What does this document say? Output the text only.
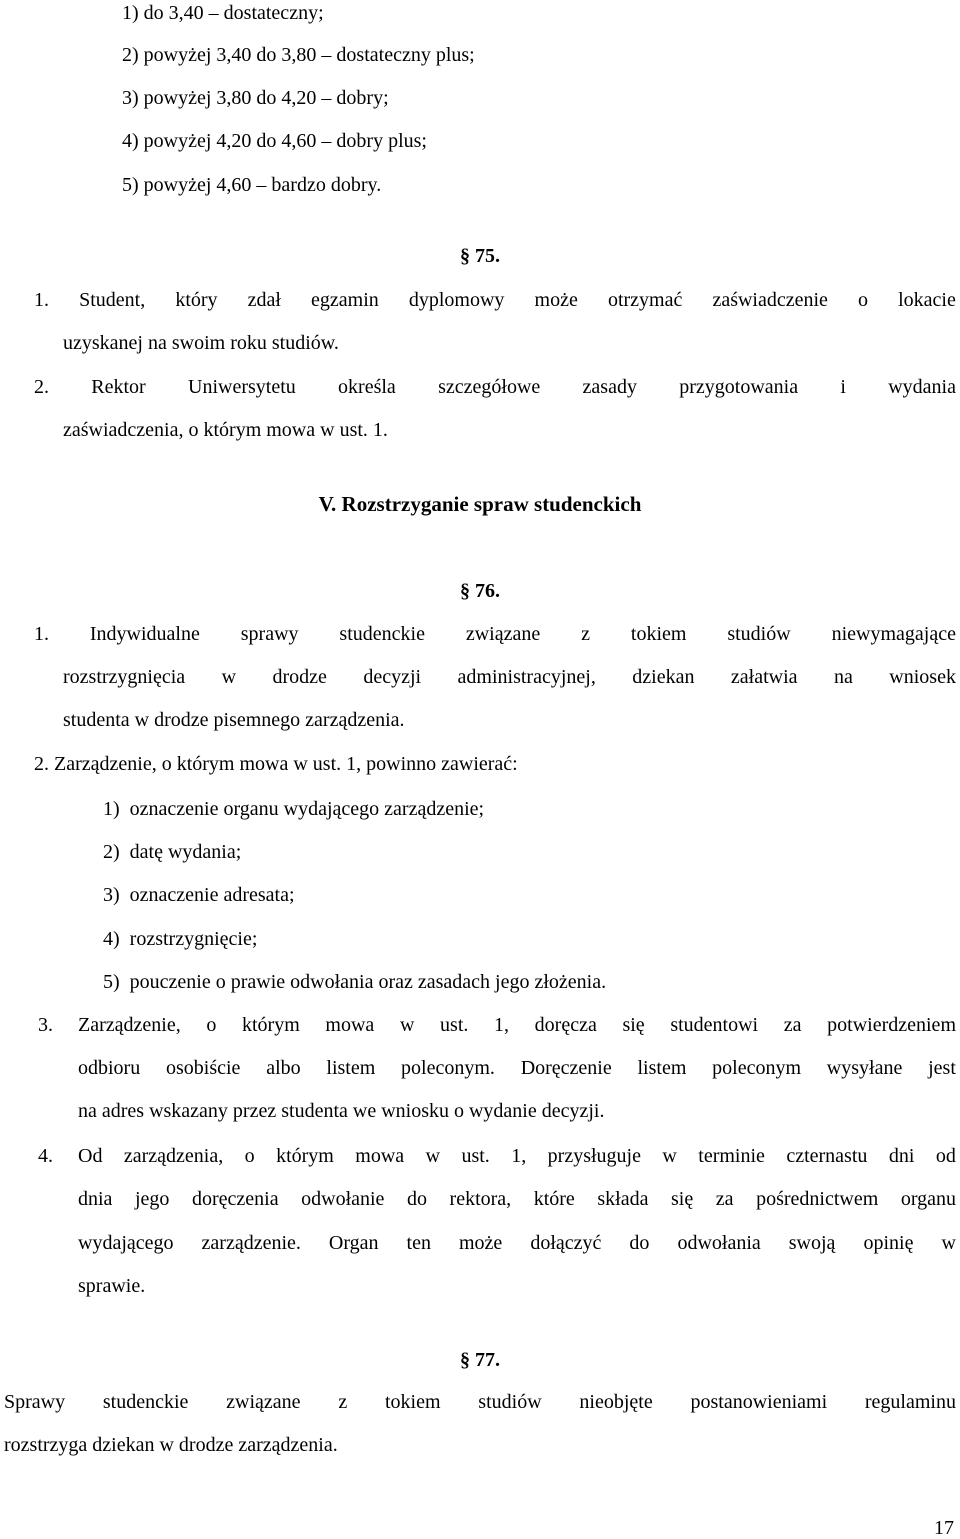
1) do 3,40 – dostateczny;
2) powyżej 3,40 do 3,80 – dostateczny plus;
3) powyżej 3,80 do 4,20 – dobry;
4) powyżej 4,20 do 4,60 – dobry plus;
5) powyżej 4,60 – bardzo dobry.
§ 75.
1. Student, który zdał egzamin dyplomowy może otrzymać zaświadczenie o lokacie
uzyskanej na swoim roku studiów.
2. Rektor Uniwersytetu określa szczegółowe zasady przygotowania i wydania
zaświadczenia, o którym mowa w ust. 1.
V. Rozstrzyganie spraw studenckich
§ 76.
1. Indywidualne sprawy studenckie związane z tokiem studiów niewymagające
rozstrzygnięcia w drodze decyzji administracyjnej, dziekan załatwia na wniosek
studenta w drodze pisemnego zarządzenia.
2. Zarządzenie, o którym mowa w ust. 1, powinno zawierać:
1)  oznaczenie organu wydającego zarządzenie;
2)  datę wydania;
3)  oznaczenie adresata;
4)  rozstrzygnięcie;
5)  pouczenie o prawie odwołania oraz zasadach jego złożenia.
3. Zarządzenie, o którym mowa w ust. 1, doręcza się studentowi za potwierdzeniem
odbioru osobiście albo listem poleconym. Doręczenie listem poleconym wysyłane jest
na adres wskazany przez studenta we wniosku o wydanie decyzji.
4. Od zarządzenia, o którym mowa w ust. 1, przysługuje w terminie czternastu dni od
dnia jego doręczenia odwołanie do rektora, które składa się za pośrednictwem organu
wydającego zarządzenie. Organ ten może dołączyć do odwołania swoją opinię w
sprawie.
§ 77.
Sprawy studenckie związane z tokiem studiów nieobjęte postanowieniami regulaminu
rozstrzyga dziekan w drodze zarządzenia.
17
